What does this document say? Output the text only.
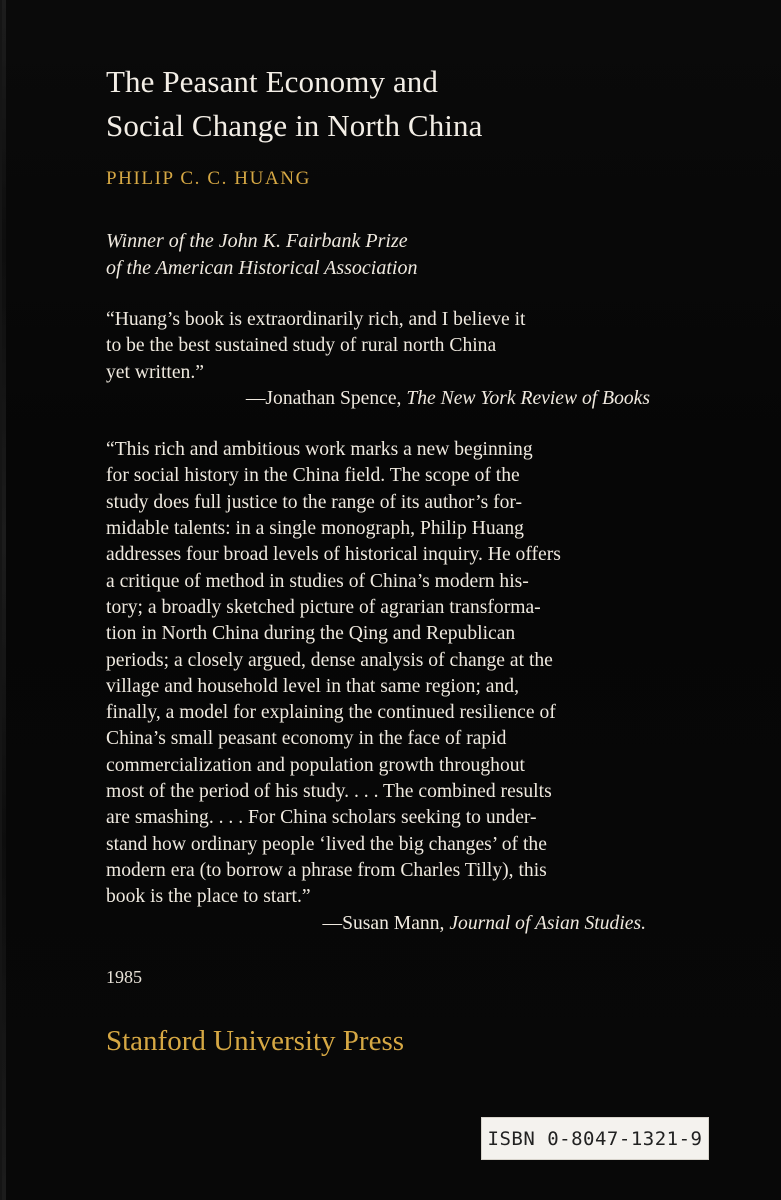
The Peasant Economy and
Social Change in North China
PHILIP C. C. HUANG
Winner of the John K. Fairbank Prize
of the American Historical Association
“Huang’s book is extraordinarily rich, and I believe it
to be the best sustained study of rural north China
yet written.”
—Jonathan Spence, The New York Review of Books
“This rich and ambitious work marks a new beginning
for social history in the China field. The scope of the
study does full justice to the range of its author’s for-
midable talents: in a single monograph, Philip Huang
addresses four broad levels of historical inquiry. He offers
a critique of method in studies of China’s modern his-
tory; a broadly sketched picture of agrarian transforma-
tion in North China during the Qing and Republican
periods; a closely argued, dense analysis of change at the
village and household level in that same region; and,
finally, a model for explaining the continued resilience of
China’s small peasant economy in the face of rapid
commercialization and population growth throughout
most of the period of his study. . . . The combined results
are smashing. . . . For China scholars seeking to under-
stand how ordinary people ‘lived the big changes’ of the
modern era (to borrow a phrase from Charles Tilly), this
book is the place to start.”
—Susan Mann, Journal of Asian Studies.
1985
Stanford University Press
ISBN 0-8047-1321-9
